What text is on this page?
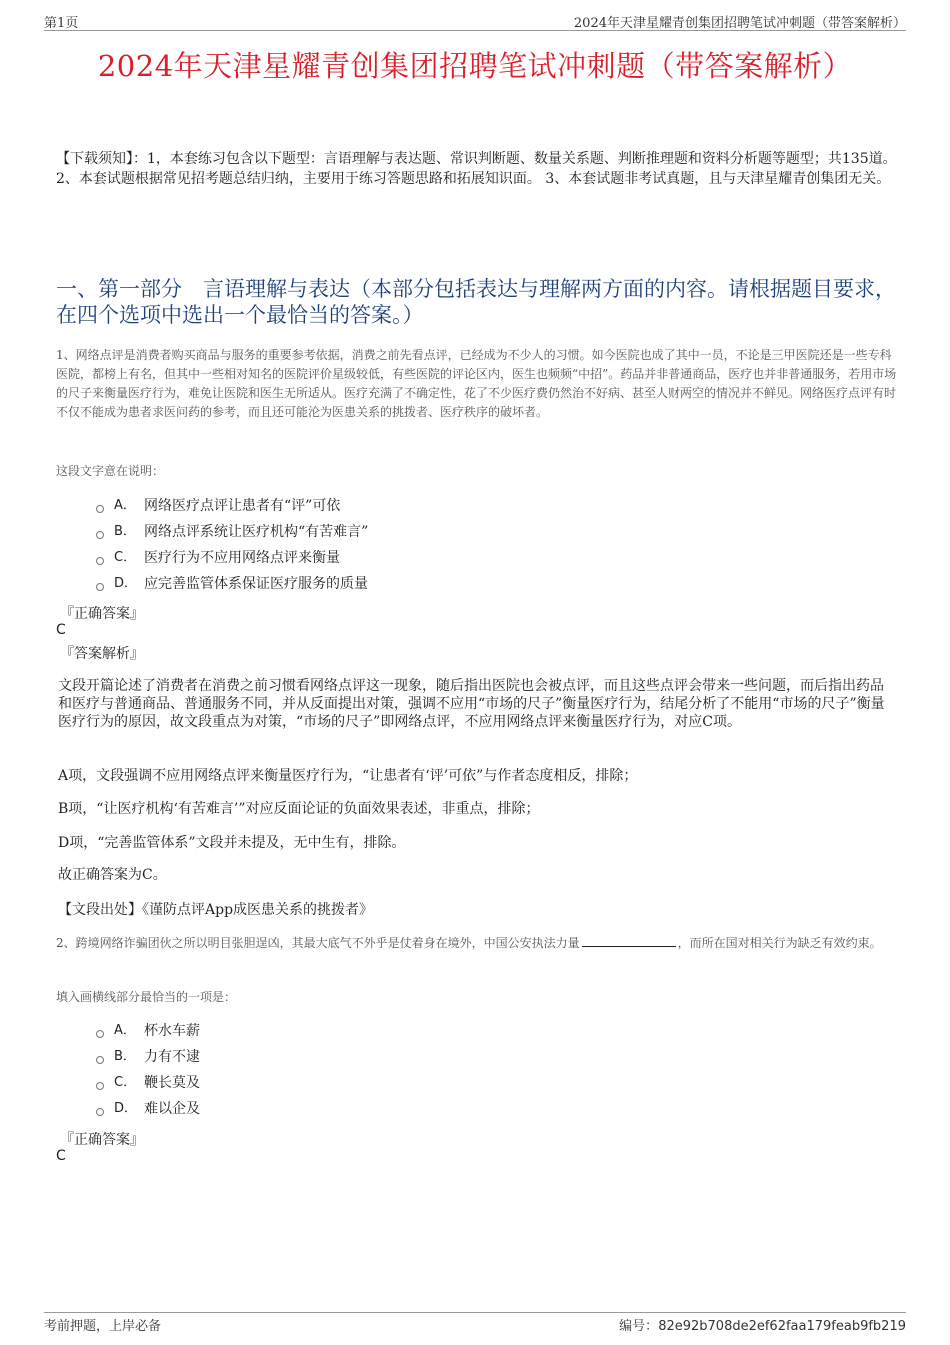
第1页	2024年天津星耀青创集团招聘笔试冲刺题（带答案解析）
2024年天津星耀青创集团招聘笔试冲刺题（带答案解析）
【下载须知】：1，本套练习包含以下题型：言语理解与表达题、常识判断题、数量关系题、判断推理题和资料分析题等题型；共135道。 2、本套试题根据常见招考题总结归纳，主要用于练习答题思路和拓展知识面。 3、本套试题非考试真题，且与天津星耀青创集团无关。
一、第一部分　言语理解与表达（本部分包括表达与理解两方面的内容。请根据题目要求，在四个选项中选出一个最恰当的答案。）
1、网络点评是消费者购买商品与服务的重要参考依据，消费之前先看点评，已经成为不少人的习惯。如今医院也成了其中一员，不论是三甲医院还是一些专科医院，都榜上有名，但其中一些相对知名的医院评价星级较低，有些医院的评论区内，医生也频频“中招”。药品并非普通商品，医疗也并非普通服务，若用市场的尺子来衡量医疗行为，难免让医院和医生无所适从。医疗充满了不确定性，花了不少医疗费仍然治不好病、甚至人财两空的情况并不鲜见。网络医疗点评有时不仅不能成为患者求医问药的参考，而且还可能沦为医患关系的挑拨者、医疗秩序的破坏者。
这段文字意在说明：
A． 网络医疗点评让患者有“评”可依
B． 网络点评系统让医疗机构“有苦难言”
C． 医疗行为不应用网络点评来衡量
D． 应完善监管体系保证医疗服务的质量
『正确答案』
C
『答案解析』
文段开篇论述了消费者在消费之前习惯看网络点评这一现象，随后指出医院也会被点评，而且这些点评会带来一些问题，而后指出药品和医疗与普通商品、普通服务不同，并从反面提出对策，强调不应用“市场的尺子”衡量医疗行为，结尾分析了不能用“市场的尺子”衡量医疗行为的原因，故文段重点为对策，“市场的尺子”即网络点评，不应用网络点评来衡量医疗行为，对应C项。
A项，文段强调不应用网络点评来衡量医疗行为，“让患者有‘评’可依”与作者态度相反，排除；
B项，“让医疗机构‘有苦难言’”对应反面论证的负面效果表述，非重点，排除；
D项，“完善监管体系”文段并未提及，无中生有，排除。
故正确答案为C。
【文段出处】《谨防点评App成医患关系的挑拨者》
2、跨境网络诈骗团伙之所以明目张胆逞凶，其最大底气不外乎是仗着身在境外，中国公安执法力量	，而所在国对相关行为缺乏有效约束。
填入画横线部分最恰当的一项是：
A． 杯水车薪
B． 力有不逮
C． 鞭长莫及
D． 难以企及
『正确答案』
C
考前押题，上岸必备	编号：82e92b708de2ef62faa179feab9fb219
